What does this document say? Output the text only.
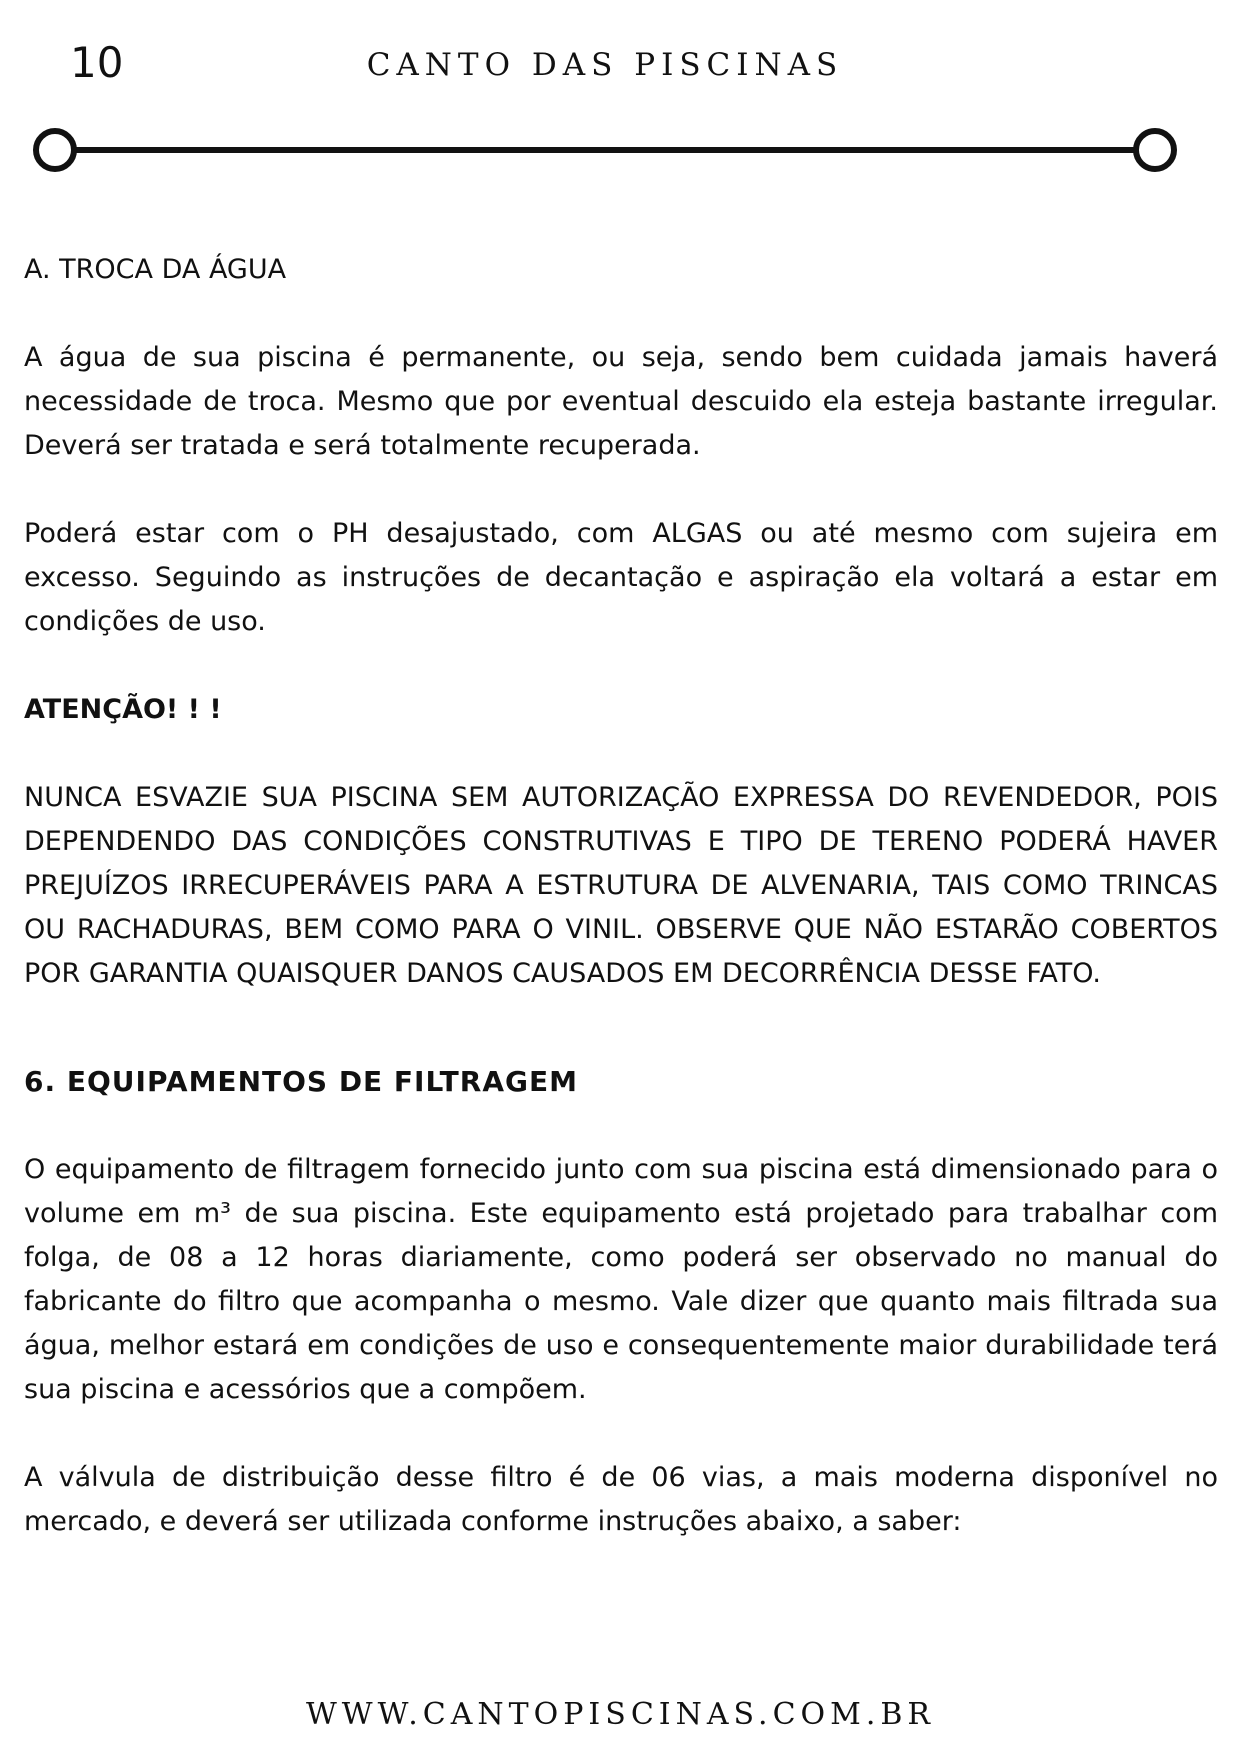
10	CANTO DAS PISCINAS
A. TROCA DA ÁGUA

A água de sua piscina é permanente, ou seja, sendo bem cuidada jamais haverá necessidade de troca. Mesmo que por eventual descuido ela esteja bastante irregular. Deverá ser tratada e será totalmente recuperada.

Poderá estar com o PH desajustado, com ALGAS ou até mesmo com sujeira em excesso. Seguindo as instruções de decantação e aspiração ela voltará a estar em condições de uso.

ATENÇÃO! ! !

NUNCA ESVAZIE SUA PISCINA SEM AUTORIZAÇÃO EXPRESSA DO REVENDEDOR, POIS DEPENDENDO DAS CONDIÇÕES CONSTRUTIVAS E TIPO DE TERENO PODERÁ HAVER PREJUÍZOS IRRECUPERÁVEIS PARA A ESTRUTURA DE ALVENARIA, TAIS COMO TRINCAS OU RACHADURAS, BEM COMO PARA O VINIL. OBSERVE QUE NÃO ESTARÃO COBERTOS POR GARANTIA QUAISQUER DANOS CAUSADOS EM DECORRÊNCIA DESSE FATO.

6. EQUIPAMENTOS DE FILTRAGEM

O equipamento de filtragem fornecido junto com sua piscina está dimensionado para o volume em m³ de sua piscina. Este equipamento está projetado para trabalhar com folga, de 08 a 12 horas diariamente, como poderá ser observado no manual do fabricante do filtro que acompanha o mesmo. Vale dizer que quanto mais filtrada sua água, melhor estará em condições de uso e consequentemente maior durabilidade terá sua piscina e acessórios que a compõem.

A válvula de distribuição desse filtro é de 06 vias, a mais moderna disponível no mercado, e deverá ser utilizada conforme instruções abaixo, a saber:

WWW.CANTOPISCINAS.COM.BR
